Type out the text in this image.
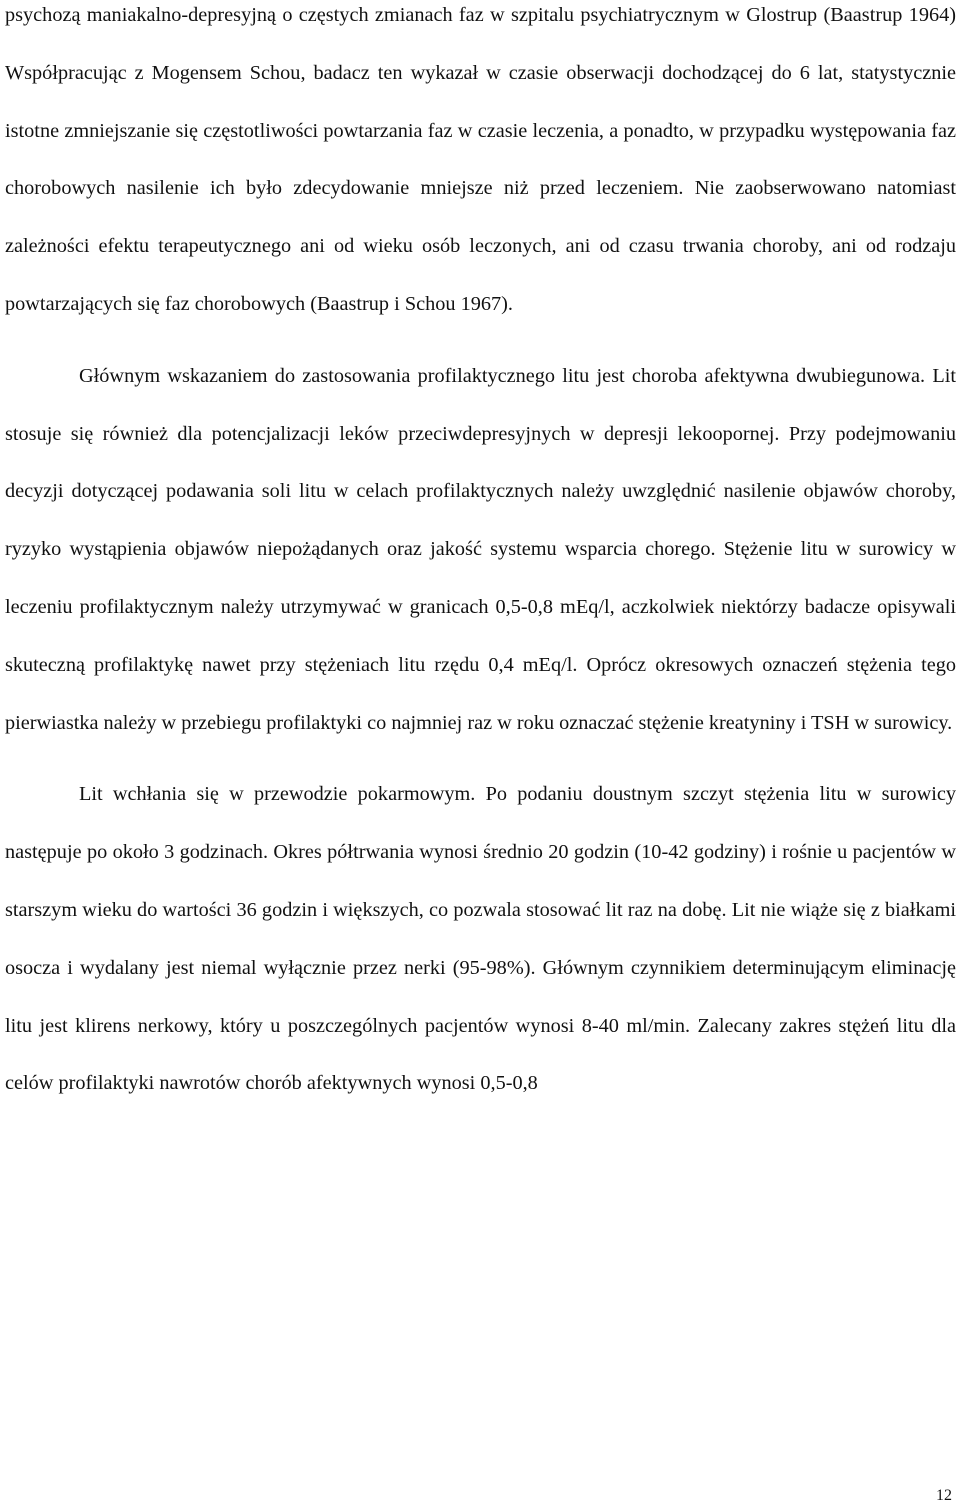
psychozą maniakalno-depresyjną o częstych zmianach faz w szpitalu psychiatrycznym w Glostrup (Baastrup 1964) Współpracując z Mogensem Schou, badacz ten wykazał w czasie obserwacji dochodzącej do 6 lat, statystycznie istotne zmniejszanie się częstotliwości powtarzania faz w czasie leczenia, a ponadto, w przypadku występowania faz chorobowych nasilenie ich było zdecydowanie mniejsze niż przed leczeniem. Nie zaobserwowano natomiast zależności efektu terapeutycznego ani od wieku osób leczonych, ani od czasu trwania choroby, ani od rodzaju powtarzających się faz chorobowych (Baastrup i Schou 1967).

Głównym wskazaniem do zastosowania profilaktycznego litu jest choroba afektywna dwubiegunowa. Lit stosuje się również dla potencjalizacji leków przeciwdepresyjnych w depresji lekoopornej. Przy podejmowaniu decyzji dotyczącej podawania soli litu w celach profilaktycznych należy uwzględnić nasilenie objawów choroby, ryzyko wystąpienia objawów niepożądanych oraz jakość systemu wsparcia chorego. Stężenie litu w surowicy w leczeniu profilaktycznym należy utrzymywać w granicach 0,5-0,8 mEq/l, aczkolwiek niektórzy badacze opisywali skuteczną profilaktykę nawet przy stężeniach litu rzędu 0,4 mEq/l. Oprócz okresowych oznaczeń stężenia tego pierwiastka należy w przebiegu profilaktyki co najmniej raz w roku oznaczać stężenie kreatyniny i TSH w surowicy.

Lit wchłania się w przewodzie pokarmowym. Po podaniu doustnym szczyt stężenia litu w surowicy następuje po około 3 godzinach. Okres półtrwania wynosi średnio 20 godzin (10-42 godziny) i rośnie u pacjentów w starszym wieku do wartości 36 godzin i większych, co pozwala stosować lit raz na dobę. Lit nie wiąże się z białkami osocza i wydalany jest niemal wyłącznie przez nerki (95-98%). Głównym czynnikiem determinującym eliminację litu jest klirens nerkowy, który u poszczególnych pacjentów wynosi 8-40 ml/min. Zalecany zakres stężeń litu dla celów profilaktyki nawrotów chorób afektywnych wynosi 0,5-0,8

12
